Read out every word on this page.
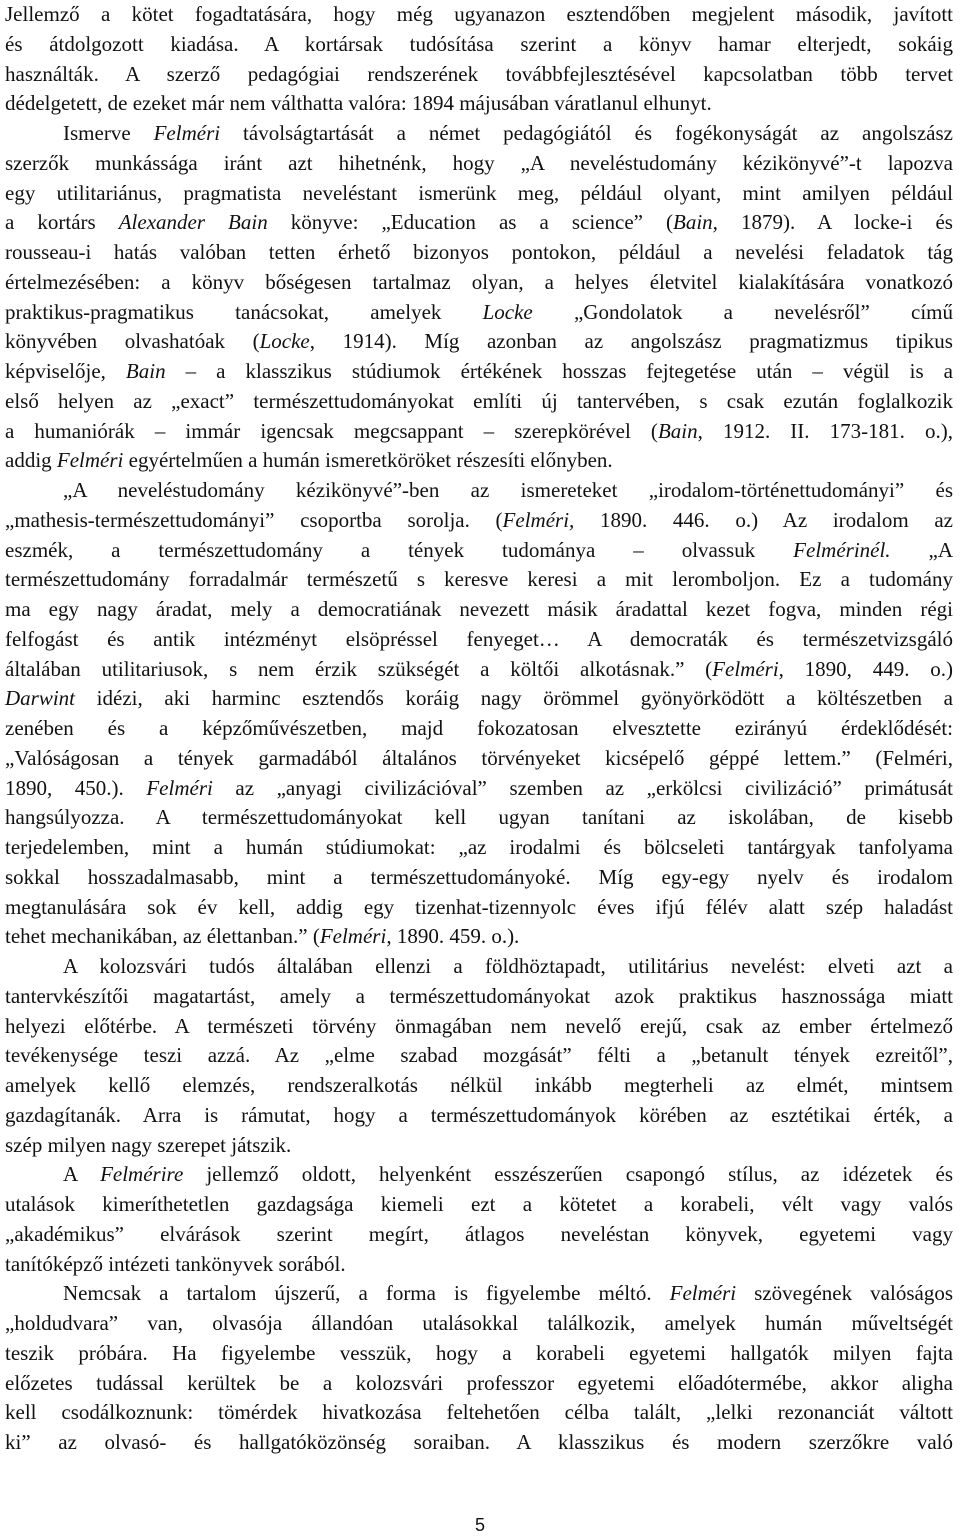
Jellemző a kötet fogadtatására, hogy még ugyanazon esztendőben megjelent második, javított
és átdolgozott kiadása. A kortársak tudósítása szerint a könyv hamar elterjedt, sokáig
használták. A szerző pedagógiai rendszerének továbbfejlesztésével kapcsolatban több tervet
dédelgetett, de ezeket már nem válthatta valóra: 1894 májusában váratlanul elhunyt.
Ismerve Felméri távolságtartását a német pedagógiától és fogékonyságát az angolszász
szerzők munkássága iránt azt hihetnénk, hogy „A neveléstudomány kézikönyvé”-t lapozva
egy utilitariánus, pragmatista neveléstant ismerünk meg, például olyant, mint amilyen például
a kortárs Alexander Bain könyve: „Education as a science” (Bain, 1879). A locke-i és
rousseau-i hatás valóban tetten érhető bizonyos pontokon, például a nevelési feladatok tág
értelmezésében: a könyv bőségesen tartalmaz olyan, a helyes életvitel kialakítására vonatkozó
praktikus-pragmatikus tanácsokat, amelyek Locke „Gondolatok a nevelésről” című
könyvében olvashatóak (Locke, 1914). Míg azonban az angolszász pragmatizmus tipikus
képviselője, Bain – a klasszikus stúdiumok értékének hosszas fejtegetése után – végül is a
első helyen az „exact” természettudományokat említi új tantervében, s csak ezután foglalkozik
a humaniórák – immár igencsak megcsappant – szerepkörével (Bain, 1912. II. 173-181. o.),
addig Felméri egyértelműen a humán ismeretköröket részesíti előnyben.
„A neveléstudomány kézikönyvé”-ben az ismereteket „irodalom-történettudományi” és
„mathesis-természettudományi” csoportba sorolja. (Felméri, 1890. 446. o.) Az irodalom az
eszmék, a természettudomány a tények tudománya – olvassuk Felmérinél. „A
természettudomány forradalmár természetű s keresve keresi a mit leromboljon. Ez a tudomány
ma egy nagy áradat, mely a democratiának nevezett másik áradattal kezet fogva, minden régi
felfogást és antik intézményt elsöpréssel fenyeget… A democraták és természetvizsgáló
általában utilitariusok, s nem érzik szükségét a költői alkotásnak.” (Felméri, 1890, 449. o.)
Darwint idézi, aki harminc esztendős koráig nagy örömmel gyönyörködött a költészetben a
zenében és a képzőművészetben, majd fokozatosan elvesztette ezirányú érdeklődését:
„Valóságosan a tények garmadából általános törvényeket kicsépelő géppé lettem.” (Felméri,
1890, 450.). Felméri az „anyagi civilizációval” szemben az „erkölcsi civilizáció” primátusát
hangsúlyozza. A természettudományokat kell ugyan tanítani az iskolában, de kisebb
terjedelemben, mint a humán stúdiumokat: „az irodalmi és bölcseleti tantárgyak tanfolyama
sokkal hosszadalmasabb, mint a természettudományoké. Míg egy-egy nyelv és irodalom
megtanulására sok év kell, addig egy tizenhat-tizennyolc éves ifjú félév alatt szép haladást
tehet mechanikában, az élettanban.” (Felméri, 1890. 459. o.).
A kolozsvári tudós általában ellenzi a földhöztapadt, utilitárius nevelést: elveti azt a
tantervkészítői magatartást, amely a természettudományokat azok praktikus hasznossága miatt
helyezi előtérbe. A természeti törvény önmagában nem nevelő erejű, csak az ember értelmező
tevékenysége teszi azzá. Az „elme szabad mozgását” félti a „betanult tények ezreitől”,
amelyek kellő elemzés, rendszeralkotás nélkül inkább megterheli az elmét, mintsem
gazdagítanák. Arra is rámutat, hogy a természettudományok körében az esztétikai érték, a
szép milyen nagy szerepet játszik.
A Felmérire jellemző oldott, helyenként esszészerűen csapongó stílus, az idézetek és
utalások kimeríthetetlen gazdagsága kiemeli ezt a kötetet a korabeli, vélt vagy valós
„akadémikus” elvárások szerint megírt, átlagos neveléstan könyvek, egyetemi vagy
tanítóképző intézeti tankönyvek sorából.
Nemcsak a tartalom újszerű, a forma is figyelembe méltó. Felméri szövegének valóságos
„holdudvara” van, olvasója állandóan utalásokkal találkozik, amelyek humán műveltségét
teszik próbára. Ha figyelembe vesszük, hogy a korabeli egyetemi hallgatók milyen fajta
előzetes tudással kerültek be a kolozsvári professzor egyetemi előadótermébe, akkor aligha
kell csodálkoznunk: tömérdek hivatkozása feltehetően célba talált, „lelki rezonanciát váltott
ki” az olvasó- és hallgatóközönség soraiban. A klasszikus és modern szerzőkre való
5
